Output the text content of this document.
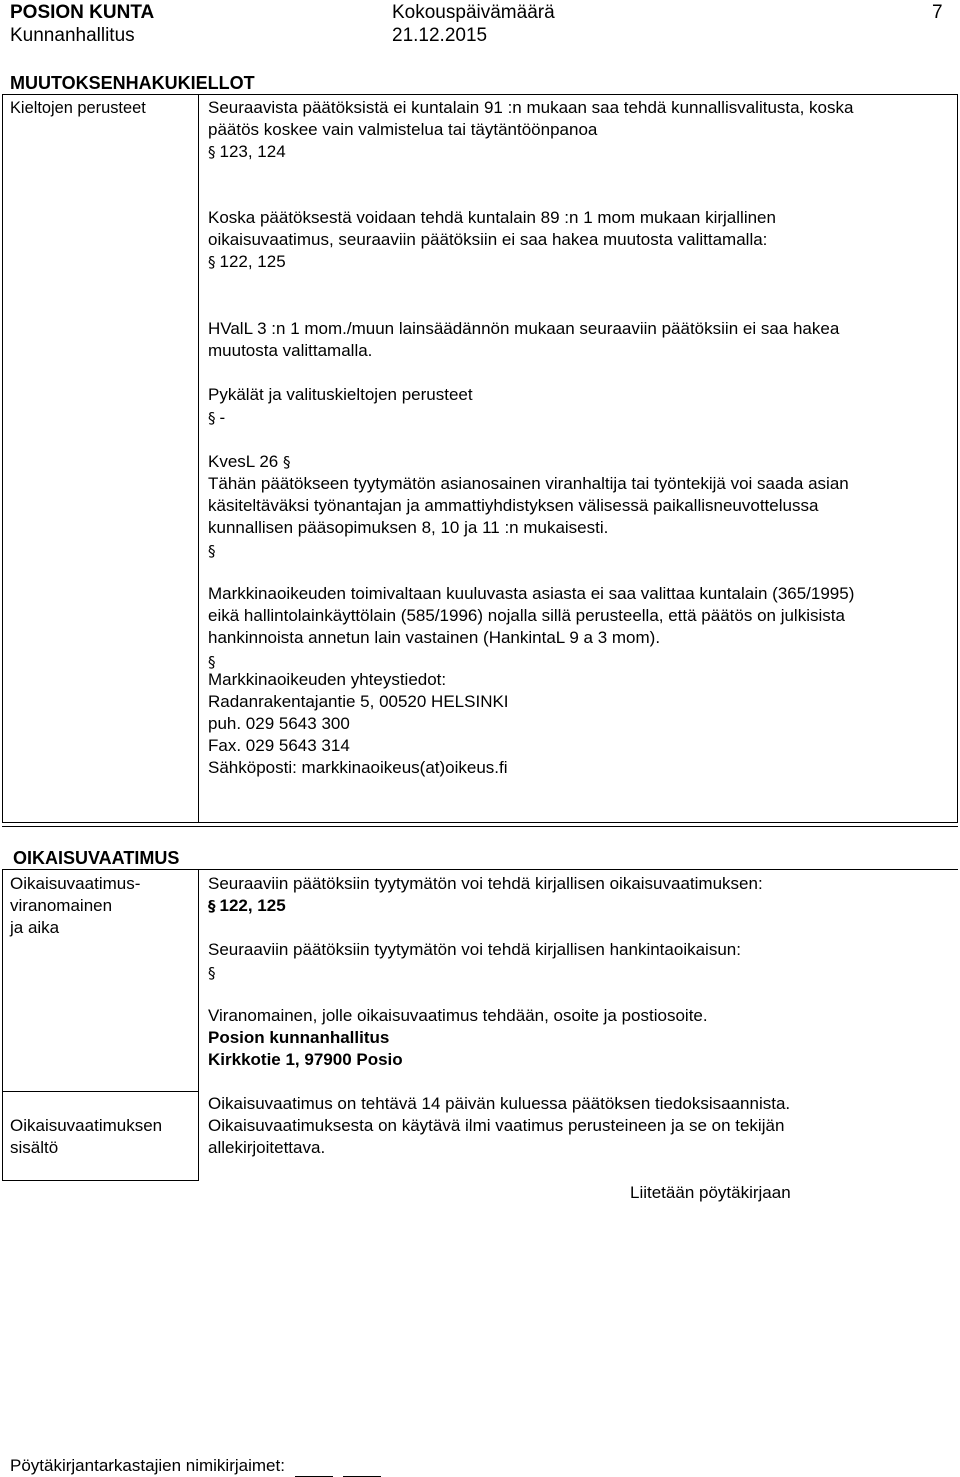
POSION KUNTA
Kunnanhallitus
Kokouspäivämäärä
21.12.2015
7
MUUTOKSENHAKUKIELLOT
Kieltojen perusteet	Seuraavista päätöksistä ei kuntalain 91 :n mukaan saa tehdä kunnallisvalitusta, koska
päätös koskee vain valmistelua tai täytäntöönpanoa
§ 123, 124
Koska päätöksestä voidaan tehdä kuntalain 89 :n 1 mom mukaan kirjallinen
oikaisuvaatimus, seuraaviin päätöksiin ei saa hakea muutosta valittamalla:
§ 122, 125
HValL 3 :n 1 mom./muun lainsäädännön mukaan seuraaviin päätöksiin ei saa hakea
muutosta valittamalla.
Pykälät ja valituskieltojen perusteet
§ -
KvesL 26 §
Tähän päätökseen tyytymätön asianosainen viranhaltija tai työntekijä voi saada asian
käsiteltäväksi työnantajan ja ammattiyhdistyksen välisessä paikallisneuvottelussa
kunnallisen pääsopimuksen 8, 10 ja 11 :n mukaisesti.
§
Markkinaoikeuden toimivaltaan kuuluvasta asiasta ei saa valittaa kuntalain (365/1995)
eikä hallintolainkäyttölain (585/1996) nojalla sillä perusteella, että päätös on julkisista
hankinnoista annetun lain vastainen (HankintaL 9 a 3 mom).
§
Markkinaoikeuden yhteystiedot:
Radanrakentajantie 5, 00520 HELSINKI
puh. 029 5643 300
Fax. 029 5643 314
Sähköposti: markkinaoikeus(at)oikeus.fi
OIKAISUVAATIMUS
Oikaisuvaatimus-
viranomainen
ja aika
Seuraaviin päätöksiin tyytymätön voi tehdä kirjallisen oikaisuvaatimuksen:
§ 122, 125
Seuraaviin päätöksiin tyytymätön voi tehdä kirjallisen hankintaoikaisun:
§
Viranomainen, jolle oikaisuvaatimus tehdään, osoite ja postiosoite.
Posion kunnanhallitus
Kirkkotie 1, 97900 Posio
Oikaisuvaatimus on tehtävä 14 päivän kuluessa päätöksen tiedoksisaannista.
Oikaisuvaatimuksen
sisältö
Oikaisuvaatimuksesta on käytävä ilmi vaatimus perusteineen ja se on tekijän
allekirjoitettava.
Liitetään pöytäkirjaan
Pöytäkirjantarkastajien nimikirjaimet:
